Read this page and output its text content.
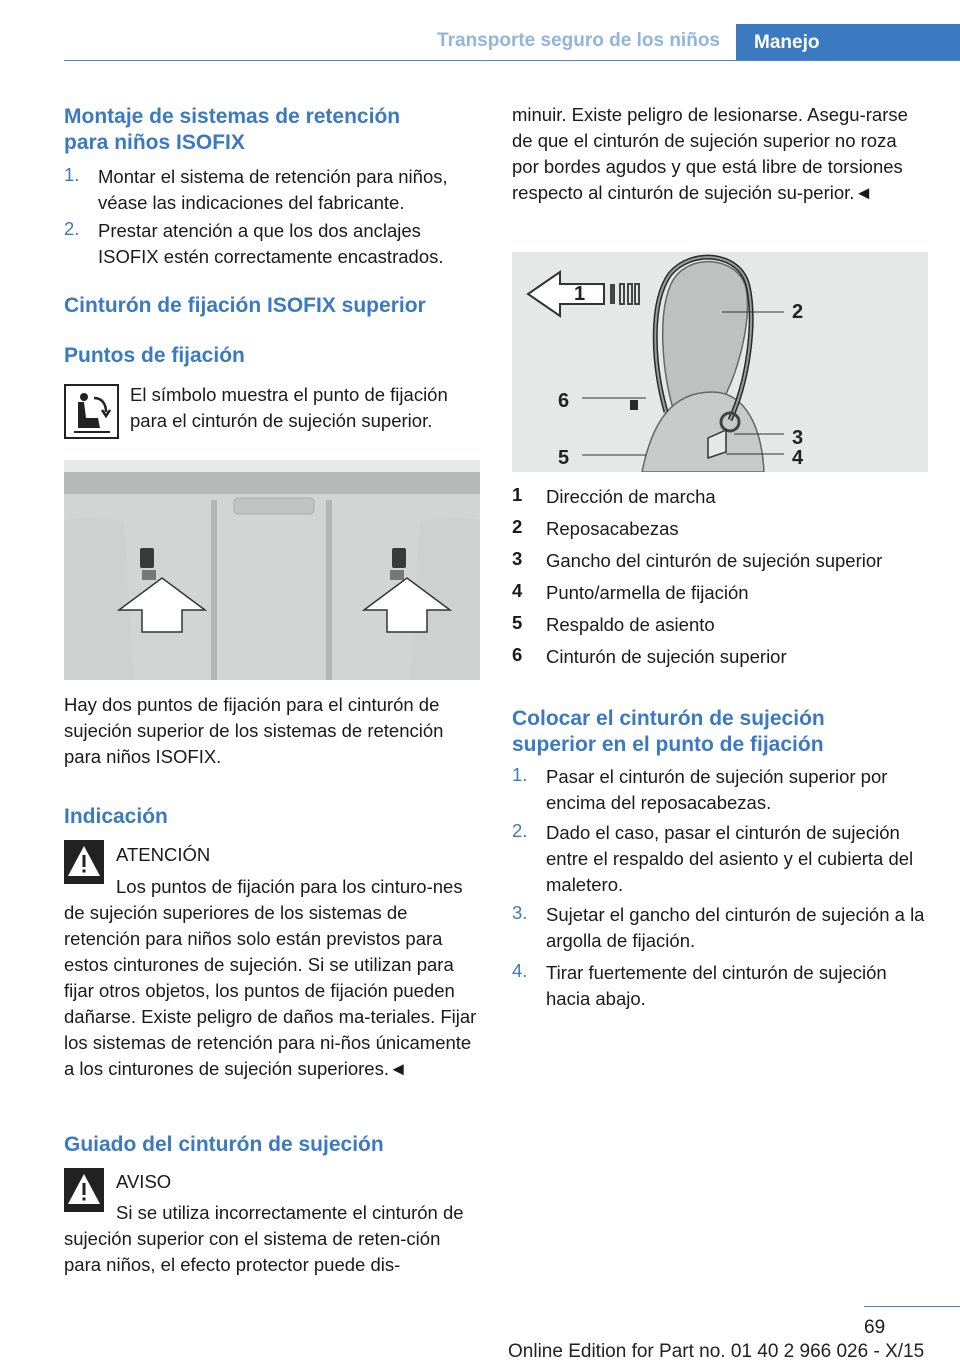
Transporte seguro de los niños Manejo
Montaje de sistemas de retención para niños ISOFIX
1. Montar el sistema de retención para niños, véase las indicaciones del fabricante.
2. Prestar atención a que los dos anclajes ISOFIX estén correctamente encastrados.
Cinturón de fijación ISOFIX superior
Puntos de fijación
El símbolo muestra el punto de fijación para el cinturón de sujeción superior.
Hay dos puntos de fijación para el cinturón de sujeción superior de los sistemas de retención para niños ISOFIX.
Indicación
ATENCIÓN
Los puntos de fijación para los cinturo-nes de sujeción superiores de los sistemas de retención para niños solo están previstos para estos cinturones de sujeción. Si se utilizan para fijar otros objetos, los puntos de fijación pueden dañarse. Existe peligro de daños ma-teriales. Fijar los sistemas de retención para ni-ños únicamente a los cinturones de sujeción superiores.◄
Guiado del cinturón de sujeción
AVISO
Si se utiliza incorrectamente el cinturón de sujeción superior con el sistema de reten-ción para niños, el efecto protector puede dis-
minuir. Existe peligro de lesionarse. Asegu-rarse de que el cinturón de sujeción superior no roza por bordes agudos y que está libre de torsiones respecto al cinturón de sujeción su-perior.◄
1
2
3
4
5
6
1 Dirección de marcha
2 Reposacabezas
3 Gancho del cinturón de sujeción superior
4 Punto/armella de fijación
5 Respaldo de asiento
6 Cinturón de sujeción superior
Colocar el cinturón de sujeción superior en el punto de fijación
1. Pasar el cinturón de sujeción superior por encima del reposacabezas.
2. Dado el caso, pasar el cinturón de sujeción entre el respaldo del asiento y el cubierta del maletero.
3. Sujetar el gancho del cinturón de sujeción a la argolla de fijación.
4. Tirar fuertemente del cinturón de sujeción hacia abajo.
69
Online Edition for Part no. 01 40 2 966 026 - X/15
